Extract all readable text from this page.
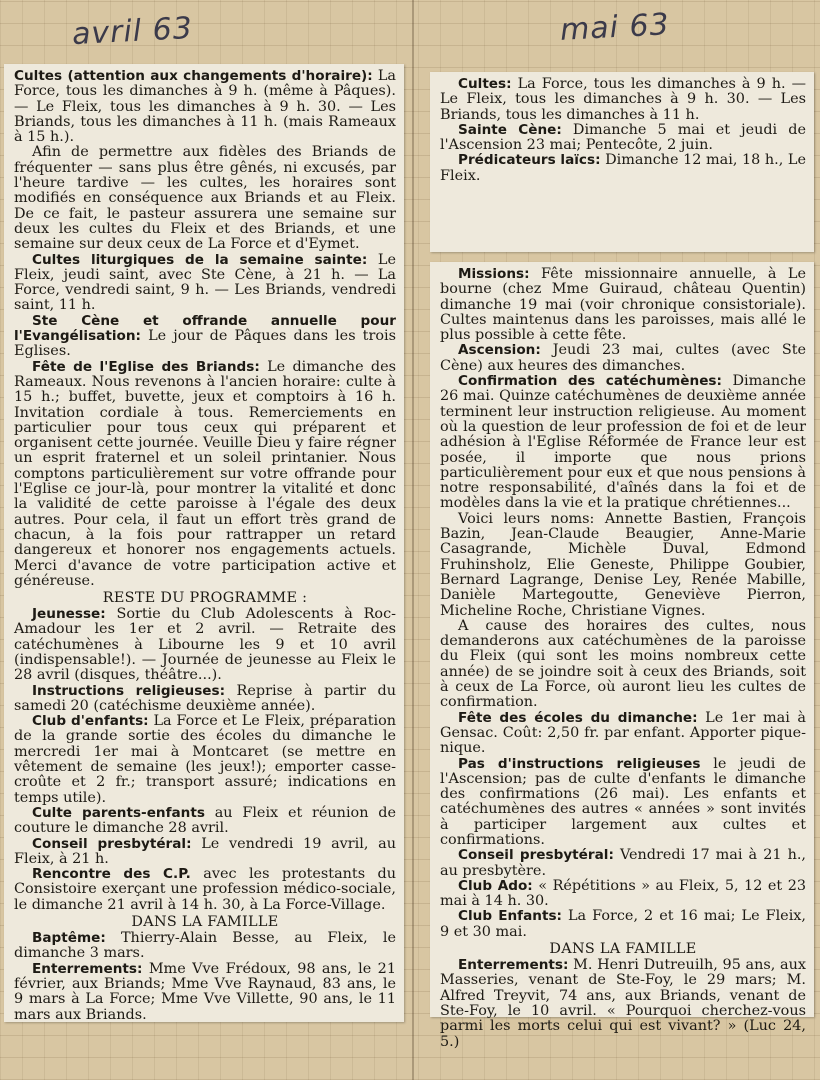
avril 63	mai 63

Cultes (attention aux changements d'horaire): La Force, tous les dimanches à 9 h. (même à Pâques). — Le Fleix, tous les dimanches à 9 h. 30. — Les Briands, tous les dimanches à 11 h. (mais Rameaux à 15 h.).

Afin de permettre aux fidèles des Briands de fréquenter — sans plus être gênés, ni excusés, par l'heure tardive — les cultes, les horaires sont modifiés en conséquence aux Briands et au Fleix. De ce fait, le pasteur assurera une semaine sur deux les cultes du Fleix et des Briands, et une semaine sur deux ceux de La Force et d'Eymet.

Cultes liturgiques de la semaine sainte: Le Fleix, jeudi saint, avec Ste Cène, à 21 h. — La Force, vendredi saint, 9 h. — Les Briands, vendredi saint, 11 h.

Ste Cène et offrande annuelle pour l'Evangélisation: Le jour de Pâques dans les trois Eglises.

Fête de l'Eglise des Briands: Le dimanche des Rameaux. Nous revenons à l'ancien horaire: culte à 15 h.; buffet, buvette, jeux et comptoirs à 16 h. Invitation cordiale à tous. Remerciements en particulier pour tous ceux qui préparent et organisent cette journée. Veuille Dieu y faire régner un esprit fraternel et un soleil printanier. Nous comptons particulièrement sur votre offrande pour l'Eglise ce jour-là, pour montrer la vitalité et donc la validité de cette paroisse à l'égale des deux autres. Pour cela, il faut un effort très grand de chacun, à la fois pour rattrapper un retard dangereux et honorer nos engagements actuels. Merci d'avance de votre participation active et généreuse.

RESTE DU PROGRAMME :

Jeunesse: Sortie du Club Adolescents à Roc-Amadour les 1er et 2 avril. — Retraite des catéchumènes à Libourne les 9 et 10 avril (indispensable!). — Journée de jeunesse au Fleix le 28 avril (disques, théâtre...).

Instructions religieuses: Reprise à partir du samedi 20 (catéchisme deuxième année).

Club d'enfants: La Force et Le Fleix, préparation de la grande sortie des écoles du dimanche le mercredi 1er mai à Montcaret (se mettre en vêtement de semaine (les jeux!); emporter casse-croûte et 2 fr.; transport assuré; indications en temps utile).

Culte parents-enfants au Fleix et réunion de couture le dimanche 28 avril.

Conseil presbytéral: Le vendredi 19 avril, au Fleix, à 21 h.

Rencontre des C.P. avec les protestants du Consistoire exerçant une profession médico-sociale, le dimanche 21 avril à 14 h. 30, à La Force-Village.

DANS LA FAMILLE

Baptême: Thierry-Alain Besse, au Fleix, le dimanche 3 mars.

Enterrements: Mme Vve Frédoux, 98 ans, le 21 février, aux Briands; Mme Vve Raynaud, 83 ans, le 9 mars à La Force; Mme Vve Villette, 90 ans, le 11 mars aux Briands.

Cultes: La Force, tous les dimanches à 9 h. — Le Fleix, tous les dimanches à 9 h. 30. — Les Briands, tous les dimanches à 11 h.

Sainte Cène: Dimanche 5 mai et jeudi de l'Ascension 23 mai; Pentecôte, 2 juin.

Prédicateurs laïcs: Dimanche 12 mai, 18 h., Le Fleix.

Missions: Fête missionnaire annuelle, à Le bourne (chez Mme Guiraud, château Quentin) dimanche 19 mai (voir chronique consistoriale). Cultes maintenus dans les paroisses, mais allé le plus possible à cette fête.

Ascension: Jeudi 23 mai, cultes (avec Ste Cène) aux heures des dimanches.

Confirmation des catéchumènes: Dimanche 26 mai. Quinze catéchumènes de deuxième année terminent leur instruction religieuse. Au moment où la question de leur profession de foi et de leur adhésion à l'Eglise Réformée de France leur est posée, il importe que nous prions particulièrement pour eux et que nous pensions à notre responsabilité, d'aînés dans la foi et de modèles dans la vie et la pratique chrétiennes...

Voici leurs noms: Annette Bastien, François Bazin, Jean-Claude Beaugier, Anne-Marie Casagrande, Michèle Duval, Edmond Fruhinsholz, Elie Geneste, Philippe Goubier, Bernard Lagrange, Denise Ley, Renée Mabille, Danièle Martegoutte, Geneviève Pierron, Micheline Roche, Christiane Vignes.

A cause des horaires des cultes, nous demanderons aux catéchumènes de la paroisse du Fleix (qui sont les moins nombreux cette année) de se joindre soit à ceux des Briands, soit à ceux de La Force, où auront lieu les cultes de confirmation.

Fête des écoles du dimanche: Le 1er mai à Gensac. Coût: 2,50 fr. par enfant. Apporter pique-nique.

Pas d'instructions religieuses le jeudi de l'Ascension; pas de culte d'enfants le dimanche des confirmations (26 mai). Les enfants et catéchumènes des autres « années » sont invités à participer largement aux cultes et confirmations.

Conseil presbytéral: Vendredi 17 mai à 21 h., au presbytère.

Club Ado: « Répétitions » au Fleix, 5, 12 et 23 mai à 14 h. 30.

Club Enfants: La Force, 2 et 16 mai; Le Fleix, 9 et 30 mai.

DANS LA FAMILLE

Enterrements: M. Henri Dutreuilh, 95 ans, aux Masseries, venant de Ste-Foy, le 29 mars; M. Alfred Treyvit, 74 ans, aux Briands, venant de Ste-Foy, le 10 avril. « Pourquoi cherchez-vous parmi les morts celui qui est vivant? » (Luc 24, 5.)
